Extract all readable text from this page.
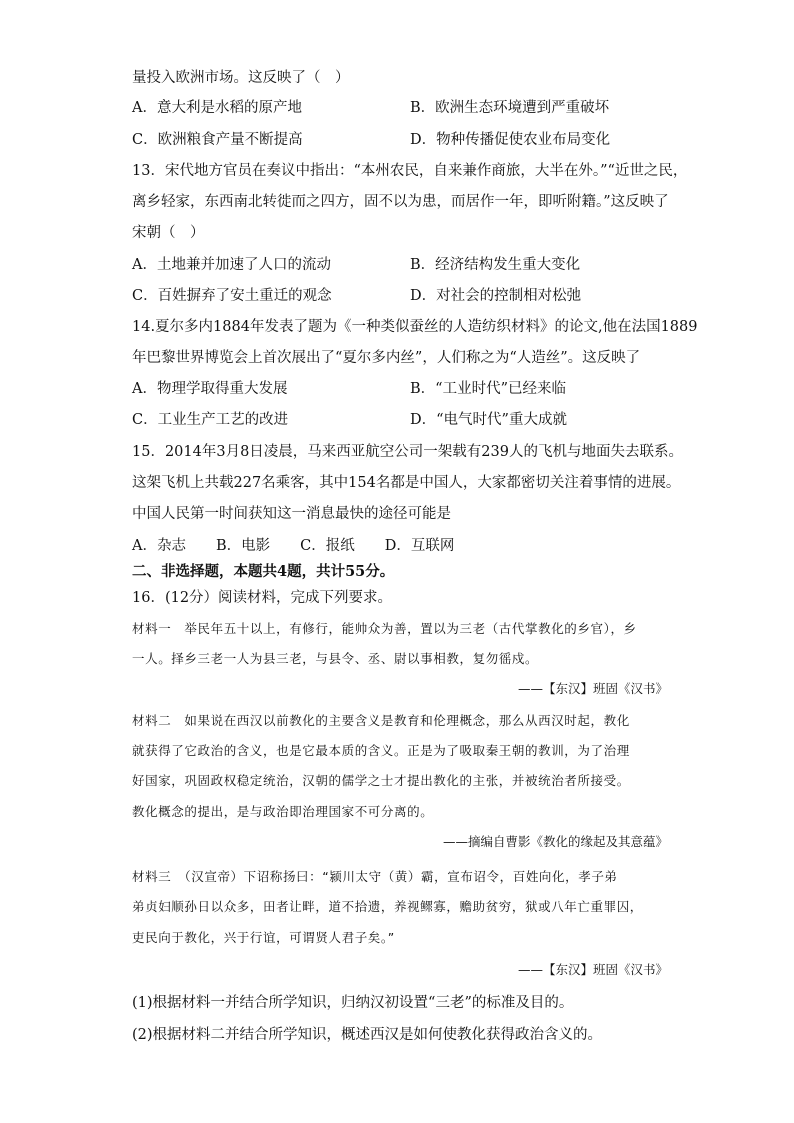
量投入欧洲市场。这反映了（　）
A．意大利是水稻的原产地	B．欧洲生态环境遭到严重破坏
C．欧洲粮食产量不断提高	D．物种传播促使农业布局变化
13．宋代地方官员在奏议中指出：“本州农民，自来兼作商旅，大半在外。”“近世之民，
离乡轻家，东西南北转徙而之四方，固不以为患，而居作一年，即听附籍。”这反映了
宋朝（　）
A．土地兼并加速了人口的流动	B．经济结构发生重大变化
C．百姓摒弃了安土重迁的观念	D．对社会的控制相对松弛
14.夏尔多内1884年发表了题为《一种类似蚕丝的人造纺织材料》的论文,他在法国1889
年巴黎世界博览会上首次展出了“夏尔多内丝”，人们称之为“人造丝”。这反映了
A．物理学取得重大发展	B．“工业时代”已经来临
C．工业生产工艺的改进	D．“电气时代”重大成就
15．2014年3月8日凌晨，马来西亚航空公司一架载有239人的飞机与地面失去联系。
这架飞机上共载227名乘客，其中154名都是中国人，大家都密切关注着事情的进展。
中国人民第一时间获知这一消息最快的途径可能是
A．杂志 B．电影 C．报纸 D．互联网
二、非选择题，本题共4题，共计55分。
16．(12分）阅读材料，完成下列要求。
材料一　举民年五十以上，有修行，能帅众为善，置以为三老（古代掌教化的乡官），乡
一人。择乡三老一人为县三老，与县令、丞、尉以事相教，复勿徭戍。
——【东汉】班固《汉书》
材料二　如果说在西汉以前教化的主要含义是教育和伦理概念，那么从西汉时起，教化
就获得了它政治的含义，也是它最本质的含义。正是为了吸取秦王朝的教训，为了治理
好国家，巩固政权稳定统治，汉朝的儒学之士才提出教化的主张，并被统治者所接受。
教化概念的提出，是与政治即治理国家不可分离的。
——摘编自曹影《教化的缘起及其意蕴》
材料三　（汉宣帝）下诏称扬曰：“颍川太守（黄）霸，宣布诏令，百姓向化，孝子弟
弟贞妇顺孙日以众多，田者让畔，道不拾遗，养视鳏寡，赡助贫穷，狱或八年亡重罪囚，
吏民向于教化，兴于行谊，可谓贤人君子矣。”
——【东汉】班固《汉书》
(1)根据材料一并结合所学知识，归纳汉初设置“三老”的标准及目的。
(2)根据材料二并结合所学知识，概述西汉是如何使教化获得政治含义的。
